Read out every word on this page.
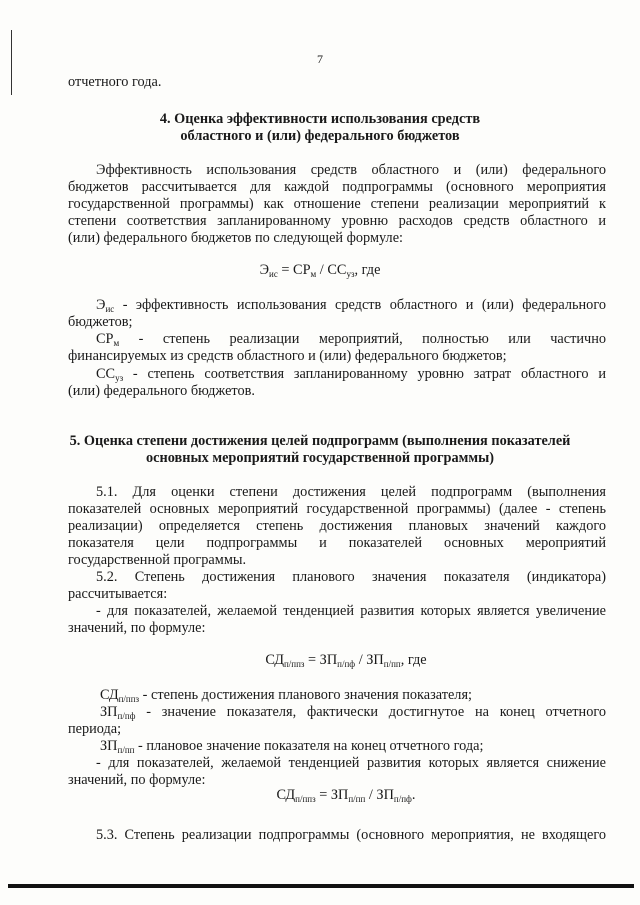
7
отчетного года.
4. Оценка эффективности использования средств
областного и (или) федерального бюджетов
Эффективность использования средств областного и (или) федерального
бюджетов рассчитывается для каждой подпрограммы (основного мероприятия
государственной программы) как отношение степени реализации мероприятий к
степени соответствия запланированному уровню расходов средств областного и
(или) федерального бюджетов по следующей формуле:
$Э_{ис} = СР_м / СС_{уз}$, где
$Э_{ис}$ - эффективность использования средств областного и (или) федерального
бюджетов;
$СР_м$ - степень реализации мероприятий, полностью или частично
финансируемых из средств областного и (или) федерального бюджетов;
$СС_{уз}$ - степень соответствия запланированному уровню затрат областного и
(или) федерального бюджетов.
5. Оценка степени достижения целей подпрограмм (выполнения показателей
основных мероприятий государственной программы)
5.1. Для оценки степени достижения целей подпрограмм (выполнения
показателей основных мероприятий государственной программы) (далее - степень
реализации) определяется степень достижения плановых значений каждого
показателя цели подпрограммы и показателей основных мероприятий
государственной программы.
5.2. Степень достижения планового значения показателя (индикатора)
рассчитывается:
- для показателей, желаемой тенденцией развития которых является увеличение
значений, по формуле:
$СД_{п/ппз} = ЗП_{п/пф} / ЗП_{п/пп}$, где
$СД_{п/ппз}$ - степень достижения планового значения показателя;
$ЗП_{п/пф}$ - значение показателя, фактически достигнутое на конец отчетного
периода;
$ЗП_{п/пп}$ - плановое значение показателя на конец отчетного года;
- для показателей, желаемой тенденцией развития которых является снижение
значений, по формуле:
$СД_{п/ппз} = ЗП_{п/пп} / ЗП_{п/пф}$.
5.3. Степень реализации подпрограммы (основного мероприятия, не входящего
